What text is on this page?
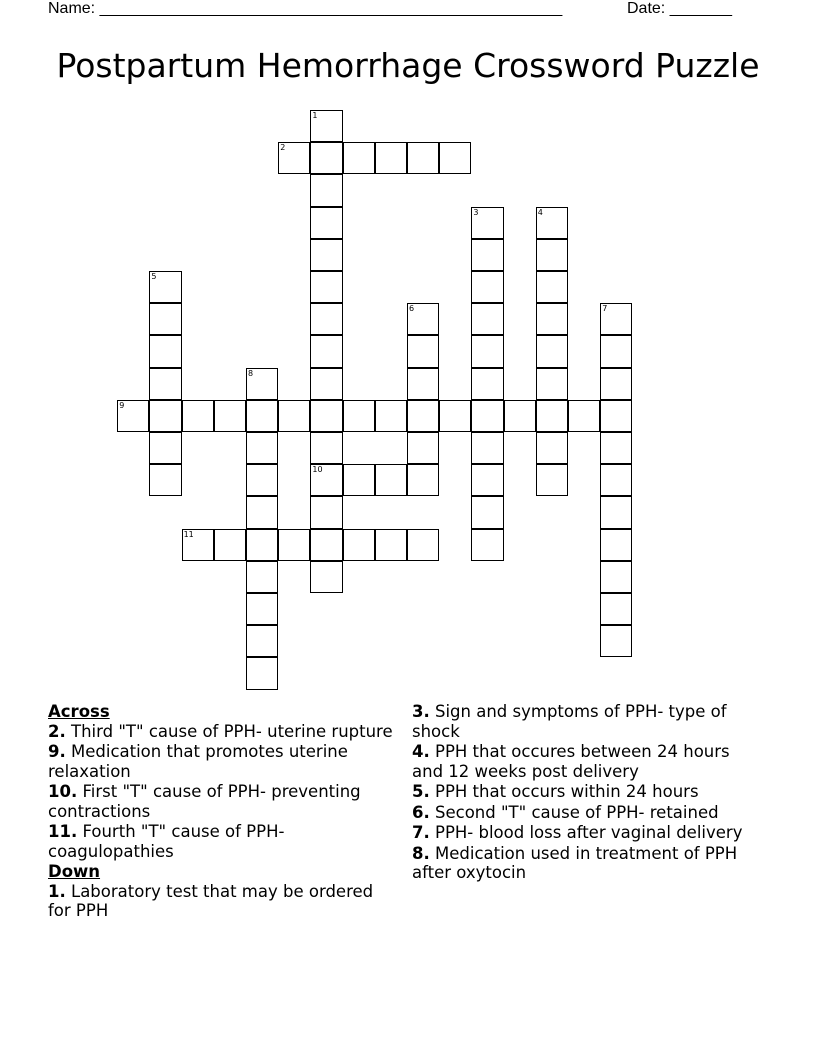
Name: ____________________________________________________	Date: _______
Postpartum Hemorrhage Crossword Puzzle
1
10
2
3	4
5
6	7
8
9
11
Across
2. Third "T" cause of PPH- uterine rupture
9. Medication that promotes uterine relaxation
10. First "T" cause of PPH- preventing contractions
11. Fourth "T" cause of PPH- coagulopathies
Down
1. Laboratory test that may be ordered for PPH
3. Sign and symptoms of PPH- type of shock
4. PPH that occures between 24 hours and 12 weeks post delivery
5. PPH that occurs within 24 hours
6. Second "T" cause of PPH- retained
7. PPH- blood loss after vaginal delivery
8. Medication used in treatment of PPH after oxytocin
